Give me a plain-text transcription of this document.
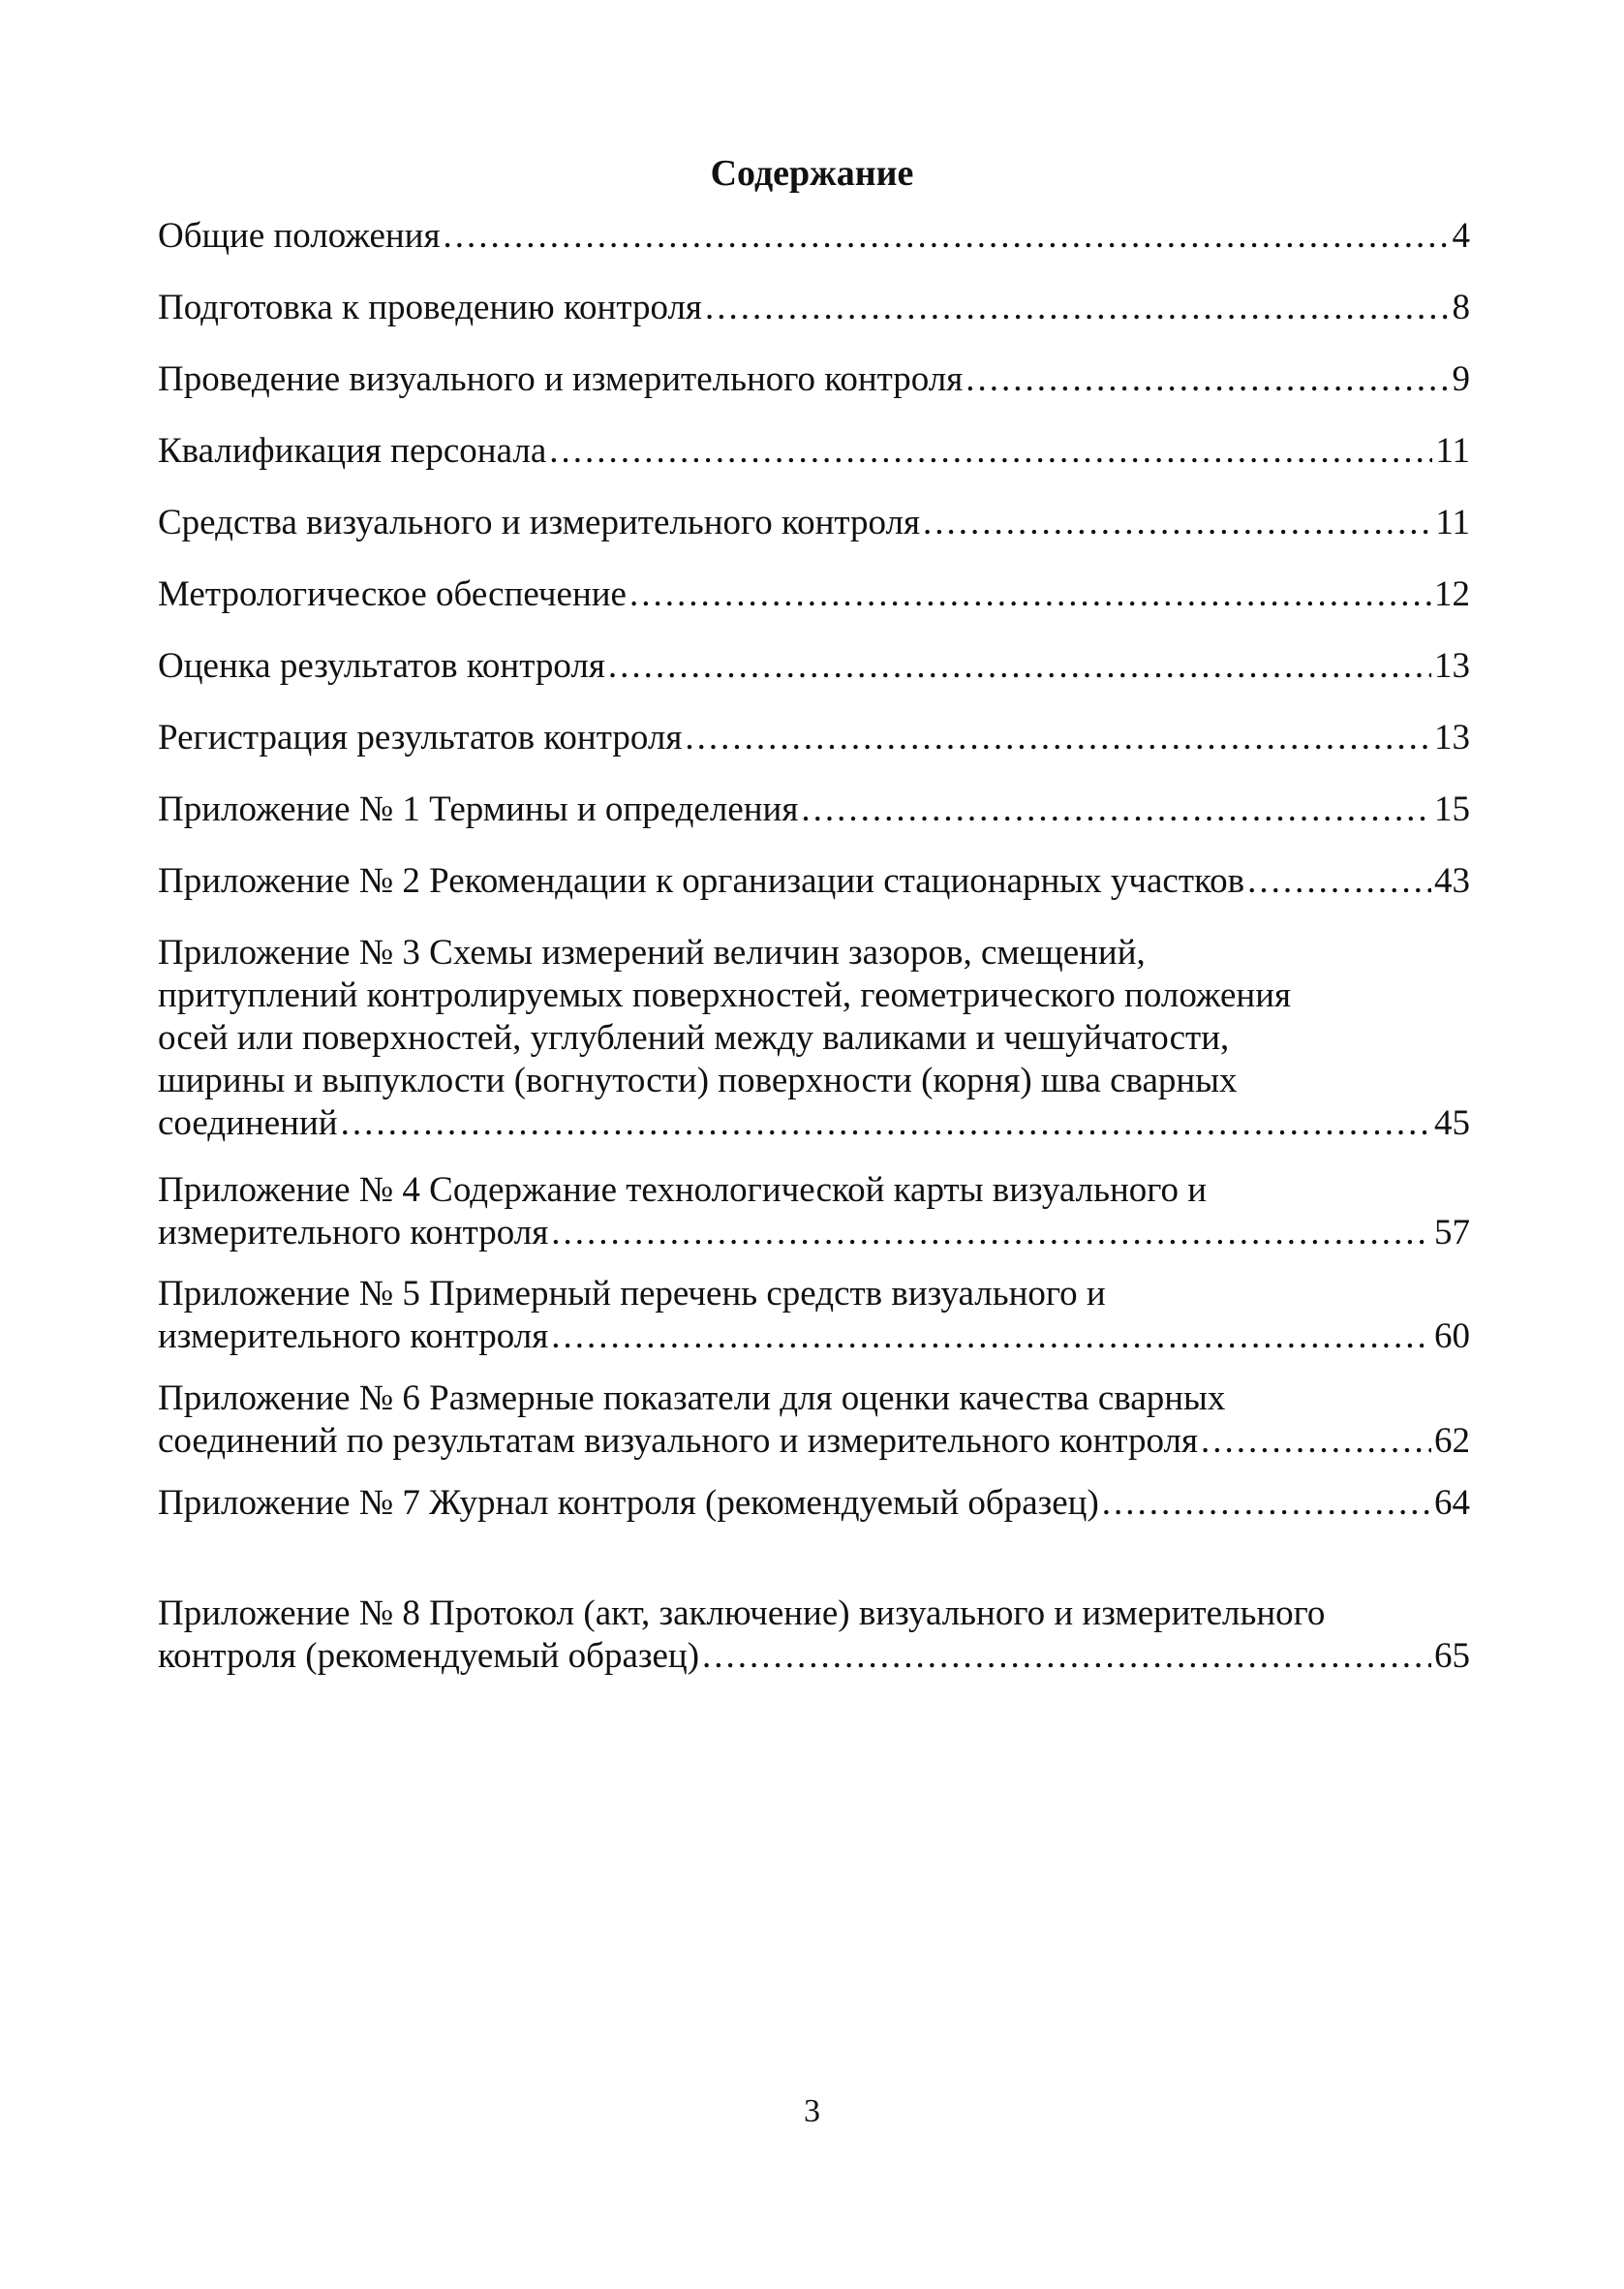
Содержание
Общие положения .....	4
Подготовка к проведению контроля .....	8
Проведение визуального и измерительного контроля .....	9
Квалификация персонала .....	11
Средства визуального и измерительного контроля .....	11
Метрологическое обеспечение .....	12
Оценка результатов контроля .....	13
Регистрация результатов контроля .....	13
Приложение № 1 Термины и определения .....	15
Приложение № 2 Рекомендации к организации стационарных участков .....	43
Приложение № 3 Схемы измерений величин зазоров, смещений,
притуплений контролируемых поверхностей, геометрического положения
осей или поверхностей, углублений между валиками и чешуйчатости,
ширины и выпуклости (вогнутости) поверхности (корня) шва сварных
соединений .....	45
Приложение № 4 Содержание технологической карты визуального и
измерительного контроля .....	57
Приложение № 5 Примерный перечень средств визуального и
измерительного контроля .....	60
Приложение № 6 Размерные показатели для оценки качества сварных
соединений по результатам визуального и измерительного контроля .....	62
Приложение № 7 Журнал контроля (рекомендуемый образец) .....	64
Приложение № 8 Протокол (акт, заключение) визуального и измерительного
контроля (рекомендуемый образец) .....	65
3
